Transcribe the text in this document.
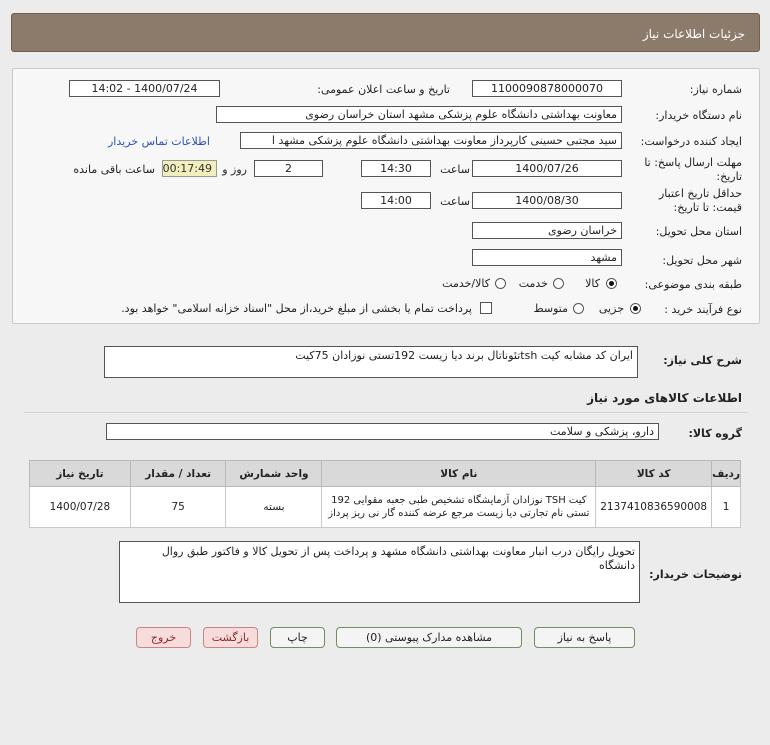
جزئیات اطلاعات نیاز
شماره نیاز:
1100090878000070
تاریخ و ساعت اعلان عمومی:
1400/07/24 - 14:02
نام دستگاه خریدار:
معاونت بهداشتی دانشگاه علوم پزشکی مشهد استان خراسان رضوی
ایجاد کننده درخواست:
سید مجتبی حسینی کارپرداز معاونت بهداشتی دانشگاه علوم پزشکی مشهد ا
اطلاعات تماس خریدار
مهلت ارسال پاسخ: تا
تاریخ:
1400/07/26
ساعت
14:30
2
روز و
00:17:49
ساعت باقی مانده
حداقل تاریخ اعتبار
قیمت: تا تاریخ:
1400/08/30
ساعت
14:00
استان محل تحویل:
خراسان رضوی
شهر محل تحویل:
مشهد
طبقه بندی موضوعی:
کالا
خدمت
کالا/خدمت
نوع فرآیند خرید :
جزیی
متوسط
پرداخت تمام یا بخشی از مبلغ خرید،از محل "اسناد خزانه اسلامی" خواهد بود.
شرح کلی نیاز:
ایران کد مشابه کیت tshتئوناتال برند دیا زیست 192تستی نوزادان 75کیت
اطلاعات کالاهای مورد نیاز
گروه کالا:
دارو، پزشکی و سلامت
ردیف	کد کالا	نام کالا	واحد شمارش	تعداد / مقدار	تاریخ نیاز
1	2137410836590008	کیت TSH نوزادان آزمایشگاه تشخیص طبی جعبه مقوایی 192 تستی نام تجارتی دیا زیست مرجع عرضه کننده گار نی ریز پرداز	بسته	75	1400/07/28
توضیحات خریدار:
تحویل رایگان درب انبار معاونت بهداشتی دانشگاه مشهد و پرداخت پس از تحویل کالا و فاکتور طبق روال دانشگاه
پاسخ به نیاز
مشاهده مدارک پیوستی (0)
چاپ
بازگشت
خروج
